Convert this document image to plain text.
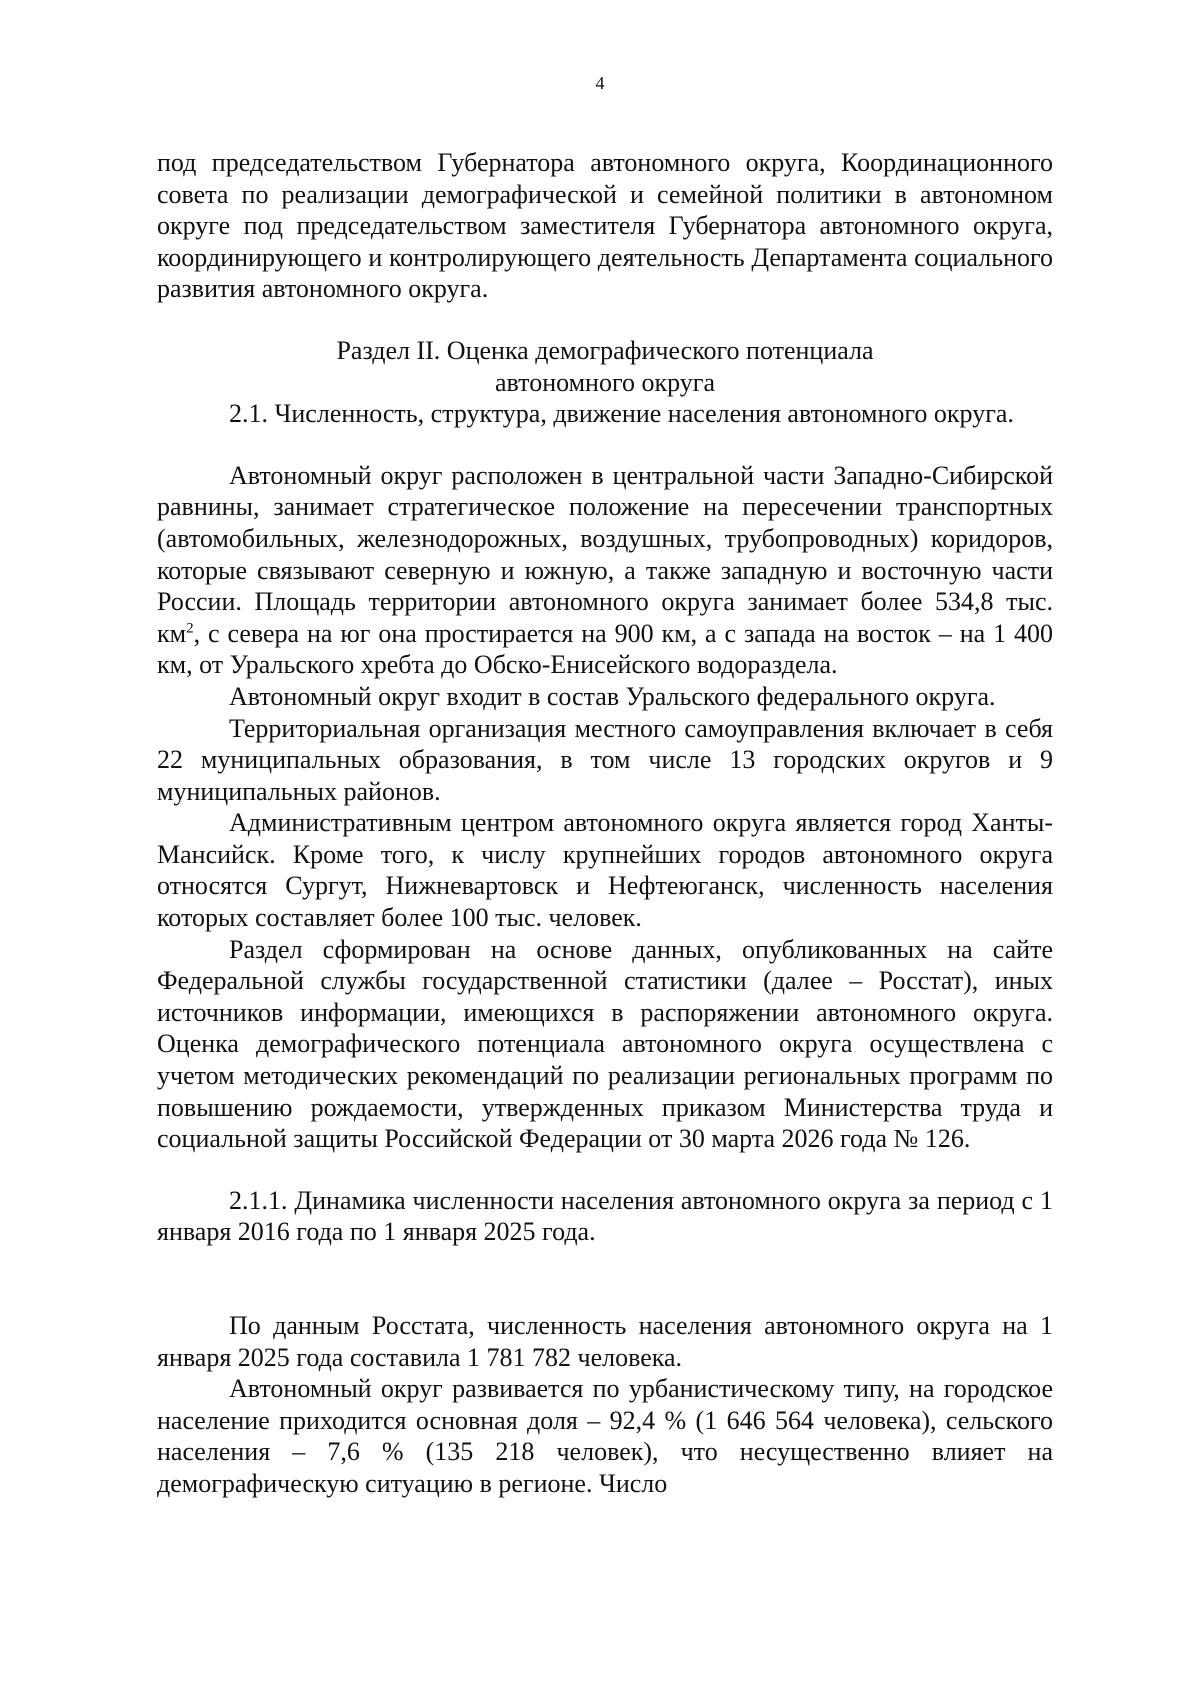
4

под председательством Губернатора автономного округа, Координационного совета по реализации демографической и семейной политики в автономном округе под председательством заместителя Губернатора автономного округа, координирующего и контролирующего деятельность Департамента социального развития автономного округа.

Раздел II. Оценка демографического потенциала
автономного округа

2.1. Численность, структура, движение населения автономного округа.

Автономный округ расположен в центральной части Западно-Сибирской равнины, занимает стратегическое положение на пересечении транспортных (автомобильных, железнодорожных, воздушных, трубопроводных) коридоров, которые связывают северную и южную, а также западную и восточную части России. Площадь территории автономного округа занимает более 534,8 тыс. $км^2$, с севера на юг она простирается на 900 км, а с запада на восток – на 1 400 км, от Уральского хребта до Обско-Енисейского водораздела.

Автономный округ входит в состав Уральского федерального округа.

Территориальная организация местного самоуправления включает в себя 22 муниципальных образования, в том числе 13 городских округов и 9 муниципальных районов.

Административным центром автономного округа является город Ханты-Мансийск. Кроме того, к числу крупнейших городов автономного округа относятся Сургут, Нижневартовск и Нефтеюганск, численность населения которых составляет более 100 тыс. человек.

Раздел сформирован на основе данных, опубликованных на сайте Федеральной службы государственной статистики (далее – Росстат), иных источников информации, имеющихся в распоряжении автономного округа. Оценка демографического потенциала автономного округа осуществлена с учетом методических рекомендаций по реализации региональных программ по повышению рождаемости, утвержденных приказом Министерства труда и социальной защиты Российской Федерации от 30 марта 2026 года № 126.

2.1.1. Динамика численности населения автономного округа за период с 1 января 2016 года по 1 января 2025 года.

По данным Росстата, численность населения автономного округа на 1 января 2025 года составила 1 781 782 человека.

Автономный округ развивается по урбанистическому типу, на городское население приходится основная доля – 92,4 % (1 646 564 человека), сельского населения – 7,6 % (135 218 человек), что несущественно влияет на демографическую ситуацию в регионе. Число
